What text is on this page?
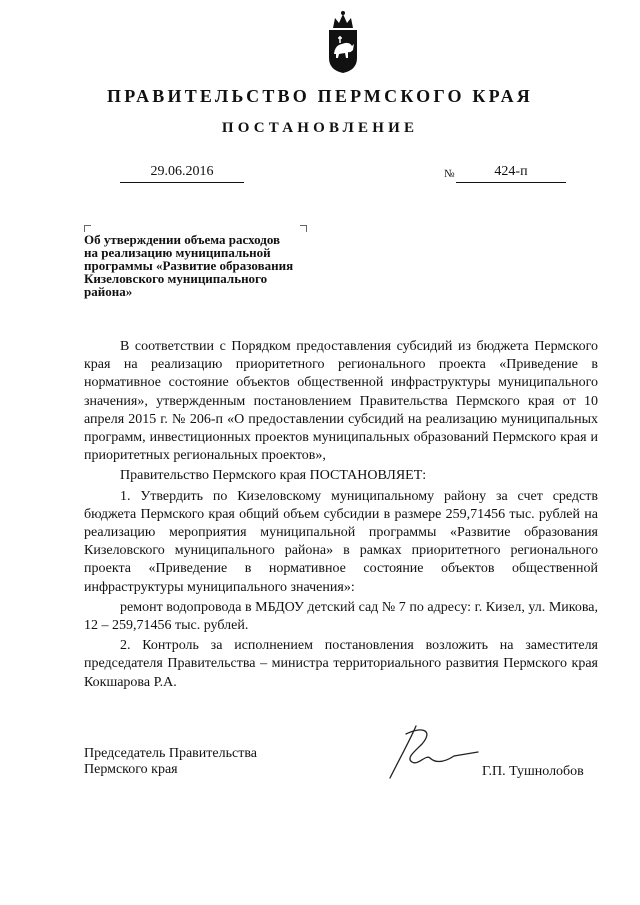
ПРАВИТЕЛЬСТВО ПЕРМСКОГО КРАЯ
ПОСТАНОВЛЕНИЕ
29.06.2016	№	424-п
Об утверждении объема расходов
на реализацию муниципальной
программы «Развитие образования
Кизеловского муниципального
района»

В соответствии с Порядком предоставления субсидий из бюджета Пермского края на реализацию приоритетного регионального проекта «Приведение в нормативное состояние объектов общественной инфраструктуры муниципального значения», утвержденным постановлением Правительства Пермского края от 10 апреля 2015 г. № 206-п «О предоставлении субсидий на реализацию муниципальных программ, инвестиционных проектов муниципальных образований Пермского края и приоритетных региональных проектов»,

Правительство Пермского края ПОСТАНОВЛЯЕТ:

1. Утвердить по Кизеловскому муниципальному району за счет средств бюджета Пермского края общий объем субсидии в размере 259,71456 тыс. рублей на реализацию мероприятия муниципальной программы «Развитие образования Кизеловского муниципального района» в рамках приоритетного регионального проекта «Приведение в нормативное состояние объектов общественной инфраструктуры муниципального значения»:

ремонт водопровода в МБДОУ детский сад № 7 по адресу: г. Кизел, ул. Микова, 12 – 259,71456 тыс. рублей.

2. Контроль за исполнением постановления возложить на заместителя председателя Правительства – министра территориального развития Пермского края Кокшарова Р.А.

Председатель Правительства
Пермского края	Г.П. Тушнолобов
